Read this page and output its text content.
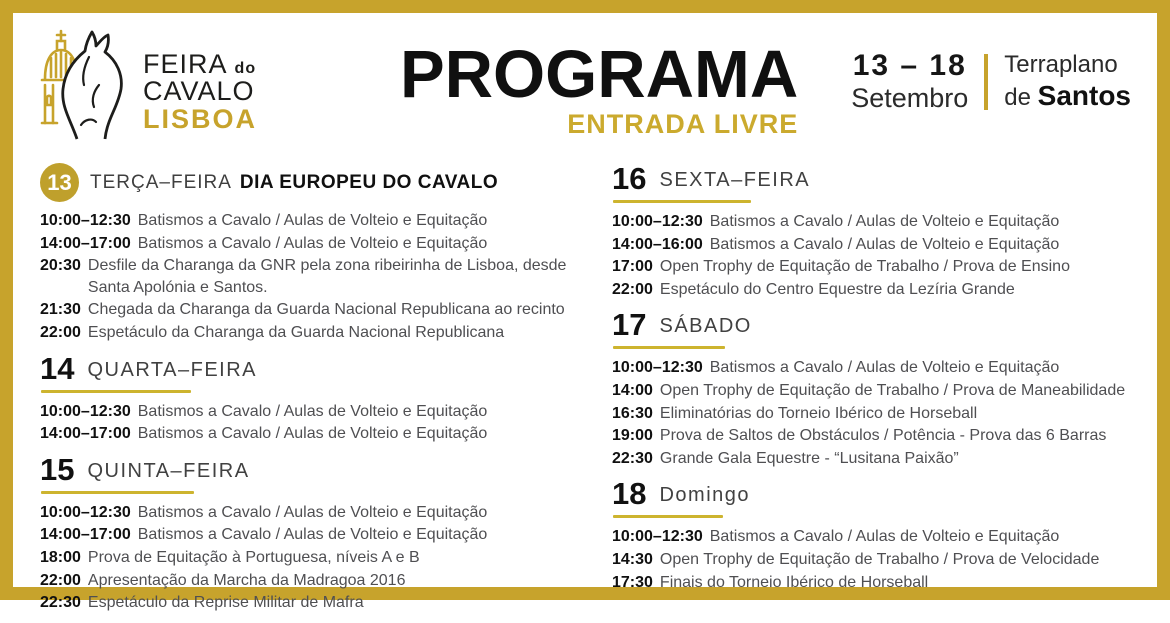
FEIRA do
CAVALO
LISBOA
PROGRAMA
ENTRADA LIVRE
13 – 18
Setembro
Terraplano
de Santos
13 TERÇA–FEIRA DIA EUROPEU DO CAVALO
10:00–12:30 Batismos a Cavalo / Aulas de Volteio e Equitação
14:00–17:00 Batismos a Cavalo / Aulas de Volteio e Equitação
20:30 Desfile da Charanga da GNR pela zona ribeirinha de Lisboa, desde Santa Apolónia e Santos.
21:30 Chegada da Charanga da Guarda Nacional Republicana ao recinto
22:00 Espetáculo da Charanga da Guarda Nacional Republicana
14 QUARTA–FEIRA
10:00–12:30 Batismos a Cavalo / Aulas de Volteio e Equitação
14:00–17:00 Batismos a Cavalo / Aulas de Volteio e Equitação
15 QUINTA–FEIRA
10:00–12:30 Batismos a Cavalo / Aulas de Volteio e Equitação
14:00–17:00 Batismos a Cavalo / Aulas de Volteio e Equitação
18:00 Prova de Equitação à Portuguesa, níveis A e B
22:00 Apresentação da Marcha da Madragoa 2016
22:30 Espetáculo da Reprise Militar de Mafra
16 SEXTA–FEIRA
10:00–12:30 Batismos a Cavalo / Aulas de Volteio e Equitação
14:00–16:00 Batismos a Cavalo / Aulas de Volteio e Equitação
17:00 Open Trophy de Equitação de Trabalho / Prova de Ensino
22:00 Espetáculo do Centro Equestre da Lezíria Grande
17 SÁBADO
10:00–12:30 Batismos a Cavalo / Aulas de Volteio e Equitação
14:00 Open Trophy de Equitação de Trabalho / Prova de Maneabilidade
16:30 Eliminatórias do Torneio Ibérico de Horseball
19:00 Prova de Saltos de Obstáculos / Potência - Prova das 6 Barras
22:30 Grande Gala Equestre - “Lusitana Paixão”
18 Domingo
10:00–12:30 Batismos a Cavalo / Aulas de Volteio e Equitação
14:30 Open Trophy de Equitação de Trabalho / Prova de Velocidade
17:30 Finais do Torneio Ibérico de Horseball
